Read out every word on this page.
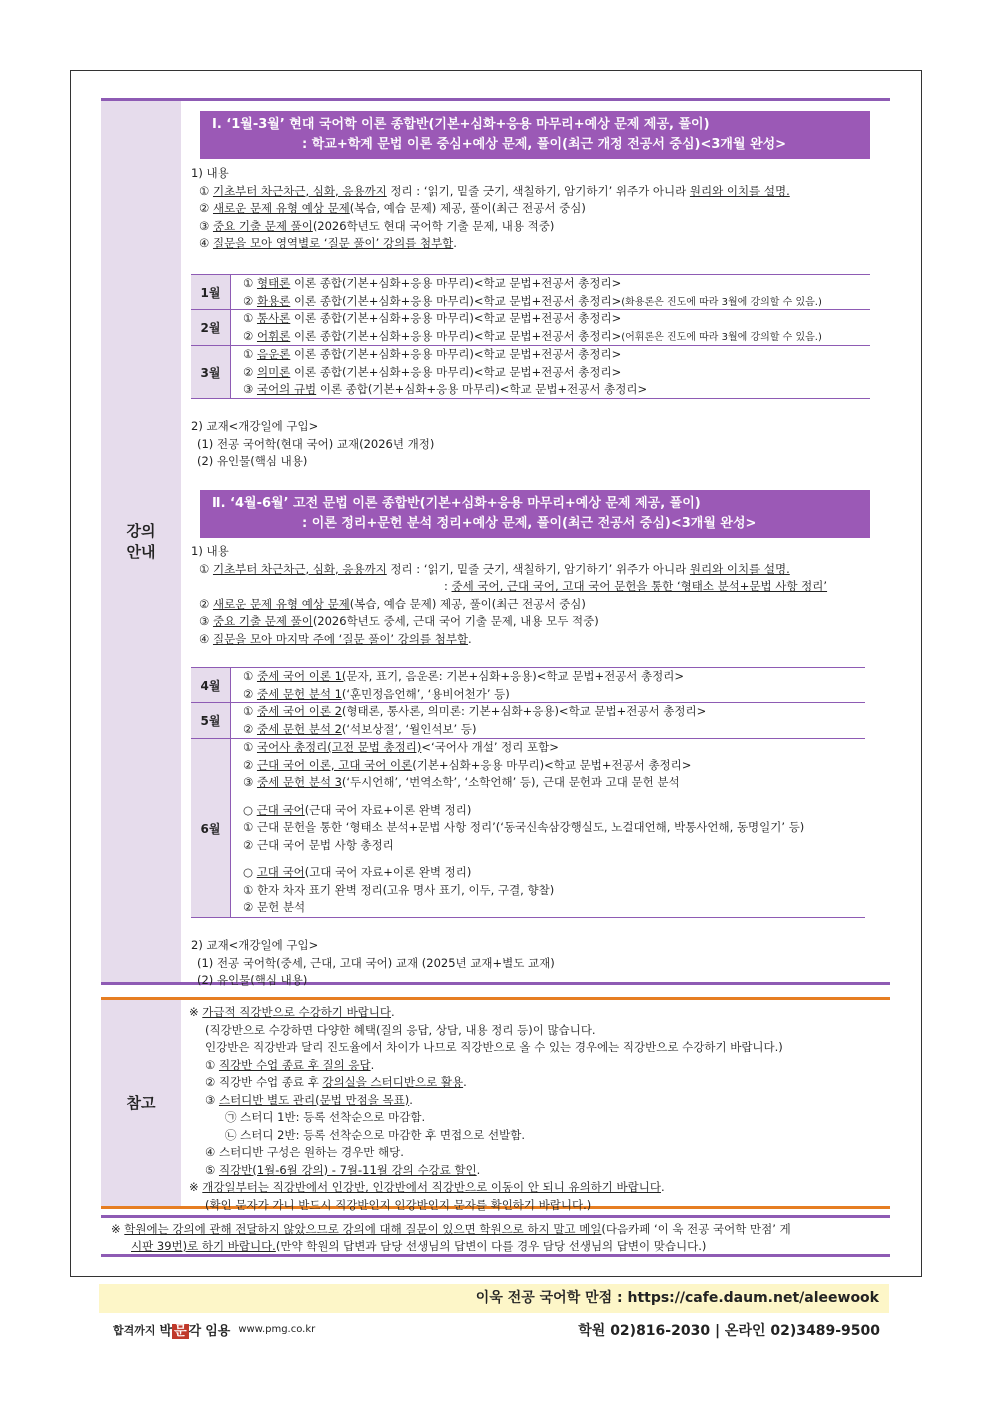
강의
안내
Ⅰ. ‘1월-3월’ 현대 국어학 이론 종합반(기본+심화+응용 마무리+예상 문제 제공, 풀이)
: 학교+학계 문법 이론 중심+예상 문제, 풀이(최근 개정 전공서 중심)<3개월 완성>
1) 내용
① 기초부터 차근차근, 심화, 응용까지 정리 : ‘읽기, 밑줄 긋기, 색칠하기, 암기하기’ 위주가 아니라 원리와 이치를 설명.
② 새로운 문제 유형 예상 문제(복습, 예습 문제) 제공, 풀이(최근 전공서 중심)
③ 중요 기출 문제 풀이(2026학년도 현대 국어학 기출 문제, 내용 적중)
④ 질문을 모아 영역별로 ‘질문 풀이’ 강의를 첨부함.
1월
① 형태론 이론 종합(기본+심화+응용 마무리)<학교 문법+전공서 총정리>
② 화용론 이론 종합(기본+심화+응용 마무리)<학교 문법+전공서 총정리>(화용론은 진도에 따라 3월에 강의할 수 있음.)
2월
① 통사론 이론 종합(기본+심화+응용 마무리)<학교 문법+전공서 총정리>
② 어휘론 이론 종합(기본+심화+응용 마무리)<학교 문법+전공서 총정리>(어휘론은 진도에 따라 3월에 강의할 수 있음.)
3월
① 음운론 이론 종합(기본+심화+응용 마무리)<학교 문법+전공서 총정리>
② 의미론 이론 종합(기본+심화+응용 마무리)<학교 문법+전공서 총정리>
③ 국어의 규범 이론 종합(기본+심화+응용 마무리)<학교 문법+전공서 총정리>
2) 교재<개강일에 구입>
(1) 전공 국어학(현대 국어) 교재(2026년 개정)
(2) 유인물(핵심 내용)
Ⅱ. ‘4월-6월’ 고전 문법 이론 종합반(기본+심화+응용 마무리+예상 문제 제공, 풀이)
: 이론 정리+문헌 분석 정리+예상 문제, 풀이(최근 전공서 중심)<3개월 완성>
1) 내용
① 기초부터 차근차근, 심화, 응용까지 정리 : ‘읽기, 밑줄 긋기, 색칠하기, 암기하기’ 위주가 아니라 원리와 이치를 설명.
: 중세 국어, 근대 국어, 고대 국어 문헌을 통한 ‘형태소 분석+문법 사항 정리’
② 새로운 문제 유형 예상 문제(복습, 예습 문제) 제공, 풀이(최근 전공서 중심)
③ 중요 기출 문제 풀이(2026학년도 중세, 근대 국어 기출 문제, 내용 모두 적중)
④ 질문을 모아 마지막 주에 ‘질문 풀이’ 강의를 첨부함.
4월
① 중세 국어 이론 1(문자, 표기, 음운론: 기본+심화+응용)<학교 문법+전공서 총정리>
② 중세 문헌 분석 1(‘훈민정음언해’, ‘용비어천가’ 등)
5월
① 중세 국어 이론 2(형태론, 통사론, 의미론: 기본+심화+응용)<학교 문법+전공서 총정리>
② 중세 문헌 분석 2(‘석보상절’, ‘월인석보’ 등)
6월
① 국어사 총정리(고전 문법 총정리)<‘국어사 개설’ 정리 포함>
② 근대 국어 이론, 고대 국어 이론(기본+심화+응용 마무리)<학교 문법+전공서 총정리>
③ 중세 문헌 분석 3(‘두시언해’, ‘번역소학’, ‘소학언해’ 등), 근대 문헌과 고대 문헌 분석
○ 근대 국어(근대 국어 자료+이론 완벽 정리)
① 근대 문헌을 통한 ‘형태소 분석+문법 사항 정리’(‘동국신속삼강행실도, 노걸대언해, 박통사언해, 동명일기’ 등)
② 근대 국어 문법 사항 총정리
○ 고대 국어(고대 국어 자료+이론 완벽 정리)
① 한자 차자 표기 완벽 정리(고유 명사 표기, 이두, 구결, 향찰)
② 문헌 분석
2) 교재<개강일에 구입>
(1) 전공 국어학(중세, 근대, 고대 국어) 교재 (2025년 교재+별도 교재)
(2) 유인물(핵심 내용)
참고
※ 가급적 직강반으로 수강하기 바랍니다.
(직강반으로 수강하면 다양한 혜택(질의 응답, 상담, 내용 정리 등)이 많습니다.
인강반은 직강반과 달리 진도율에서 차이가 나므로 직강반으로 올 수 있는 경우에는 직강반으로 수강하기 바랍니다.)
① 직강반 수업 종료 후 질의 응답.
② 직강반 수업 종료 후 강의실을 스터디반으로 활용.
③ 스터디반 별도 관리(문법 만점을 목표).
㉠ 스터디 1반: 등록 선착순으로 마감함.
㉡ 스터디 2반: 등록 선착순으로 마감한 후 면접으로 선발함.
④ 스터디반 구성은 원하는 경우만 해당.
⑤ 직강반(1월-6월 강의) - 7월-11월 강의 수강료 할인.
※ 개강일부터는 직강반에서 인강반, 인강반에서 직강반으로 이동이 안 되니 유의하기 바랍니다.
(확인 문자가 가니 반드시 직강반인지 인강반인지 문자를 확인하기 바랍니다.)
※ 학원에는 강의에 관해 전달하지 않았으므로 강의에 대해 질문이 있으면 학원으로 하지 말고 메일(다음카페 ‘이 욱 전공 국어학 만점’ 게
시판 39번)로 하기 바랍니다.(만약 학원의 답변과 담당 선생님의 답변이 다를 경우 담당 선생님의 답변이 맞습니다.)
이욱 전공 국어학 만점 : https://cafe.daum.net/aleewook
합격까지 박 문 각 임용 www.pmg.co.kr	학원 02)816-2030 | 온라인 02)3489-9500
